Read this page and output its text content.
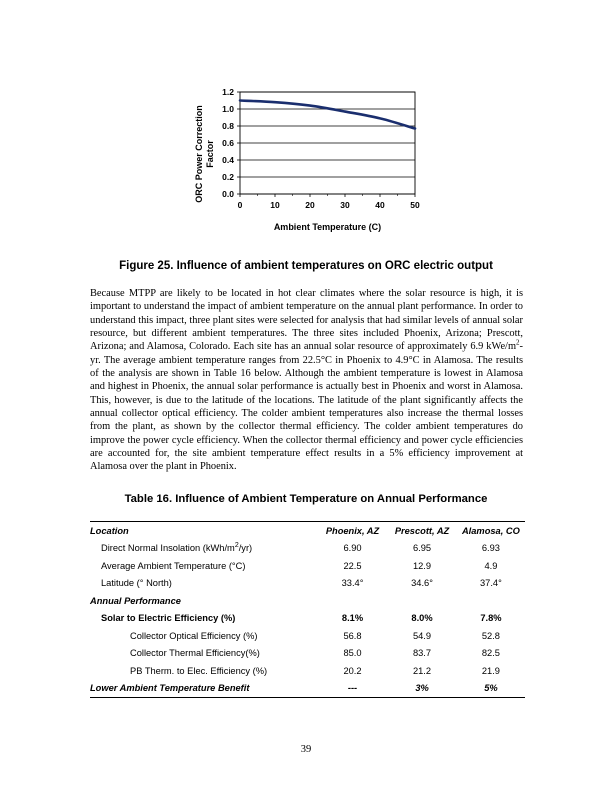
0.0
0.2
0.4
0.6
0.8
1.0
1.2
0	10	20	30	40	50
ORC Power Correction Factor
Ambient Temperature (C)
Figure 25. Influence of ambient temperatures on ORC electric output

Because MTPP are likely to be located in hot clear climates where the solar resource is high, it is important to understand the impact of ambient temperature on the annual plant performance. In order to understand this impact, three plant sites were selected for analysis that had similar levels of annual solar resource, but different ambient temperatures. The three sites included Phoenix, Arizona; Prescott, Arizona; and Alamosa, Colorado. Each site has an annual solar resource of approximately 6.9 kWe/$m^2-yr$. The average ambient temperature ranges from 22.5°C in Phoenix to 4.9°C in Alamosa. The results of the analysis are shown in Table 16 below. Although the ambient temperature is lowest in Alamosa and highest in Phoenix, the annual solar performance is actually best in Phoenix and worst in Alamosa. This, however, is due to the latitude of the locations. The latitude of the plant significantly affects the annual collector optical efficiency. The colder ambient temperatures also increase the thermal losses from the plant, as shown by the collector thermal efficiency. The colder ambient temperatures do improve the power cycle efficiency. When the collector thermal efficiency and power cycle efficiencies are accounted for, the site ambient temperature effect results in a 5% efficiency improvement at Alamosa over the plant in Phoenix.

Table 16. Influence of Ambient Temperature on Annual Performance
Location	Phoenix, AZ	Prescott, AZ	Alamosa, CO
Direct Normal Insolation $(kWh/m^2/yr)$	6.90	6.95	6.93
Average Ambient Temperature (°C)	22.5	12.9	4.9
Latitude (° North)	33.4°	34.6°	37.4°
Annual Performance			
Solar to Electric Efficiency (%)	8.1%	8.0%	7.8%
Collector Optical Efficiency (%)	56.8	54.9	52.8
Collector Thermal Efficiency(%)	85.0	83.7	82.5
PB Therm. to Elec. Efficiency (%)	20.2	21.2	21.9
Lower Ambient Temperature Benefit	---	3%	5%
39
